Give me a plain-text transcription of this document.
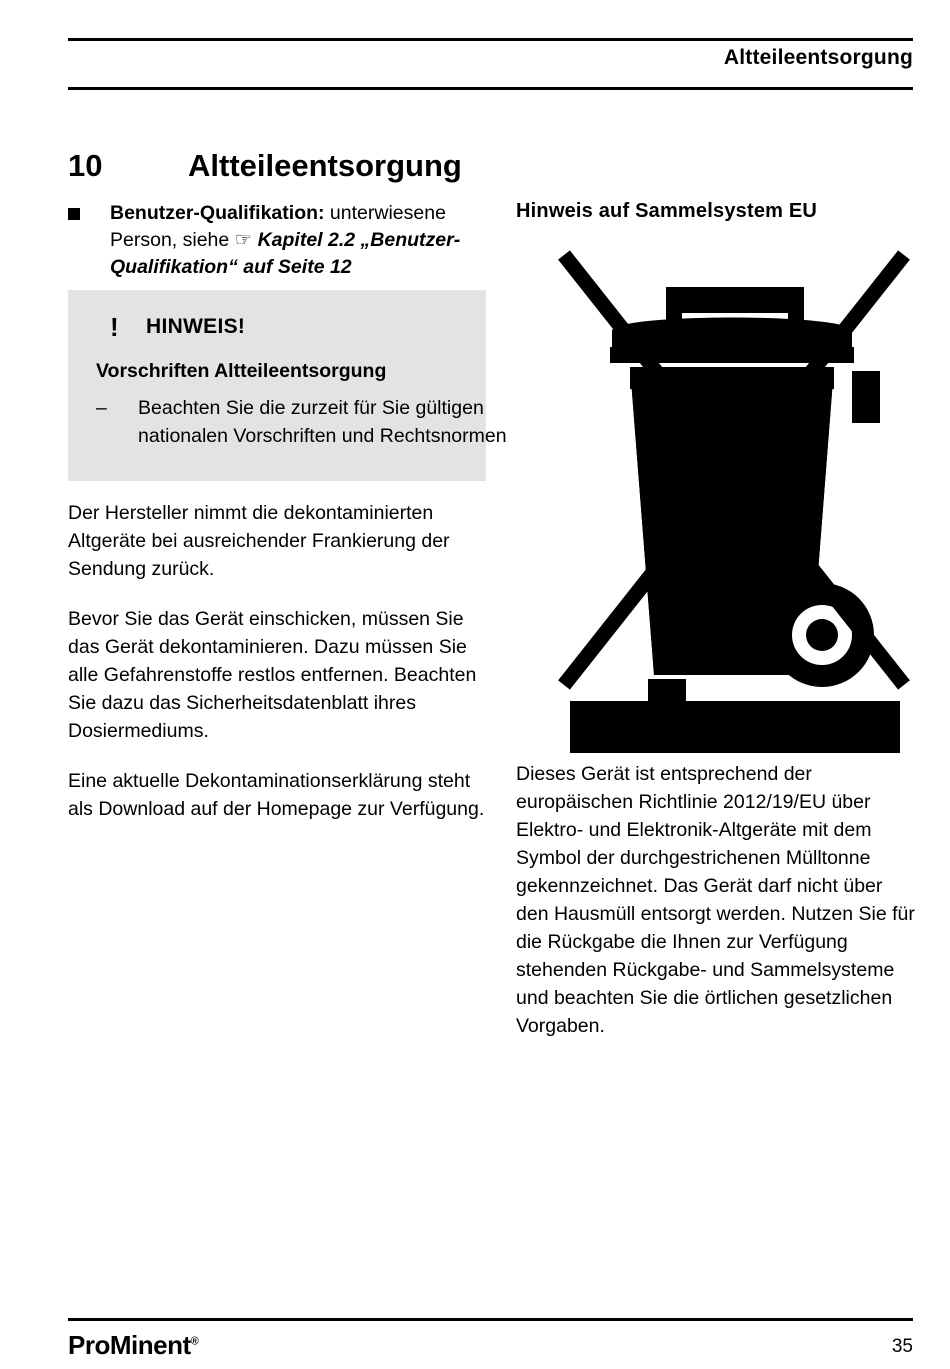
Altteileentsorgung
10	Altteileentsorgung
Benutzer-Qualifikation: unterwiesene Person, siehe ☞ Kapitel 2.2 „Benutzer-Qualifikation“ auf Seite 12
! HINWEIS!
Vorschriften Altteileentsorgung
– Beachten Sie die zurzeit für Sie gültigen nationalen Vorschriften und Rechtsnormen

Der Hersteller nimmt die dekontaminierten Altgeräte bei ausreichender Frankierung der Sendung zurück.

Bevor Sie das Gerät einschicken, müssen Sie das Gerät dekontaminieren. Dazu müssen Sie alle Gefahrenstoffe restlos entfernen. Beachten Sie dazu das Sicherheitsdatenblatt ihres Dosiermediums.

Eine aktuelle Dekontaminationserklärung steht als Download auf der Homepage zur Verfügung.

Hinweis auf Sammelsystem EU

Dieses Gerät ist entsprechend der europäischen Richtlinie 2012/19/EU über Elektro- und Elektronik-Altgeräte mit dem Symbol der durchgestrichenen Mülltonne gekennzeichnet. Das Gerät darf nicht über den Hausmüll entsorgt werden. Nutzen Sie für die Rückgabe die Ihnen zur Verfügung stehenden Rückgabe- und Sammelsysteme und beachten Sie die örtlichen gesetzlichen Vorgaben.

ProMinent®	35
